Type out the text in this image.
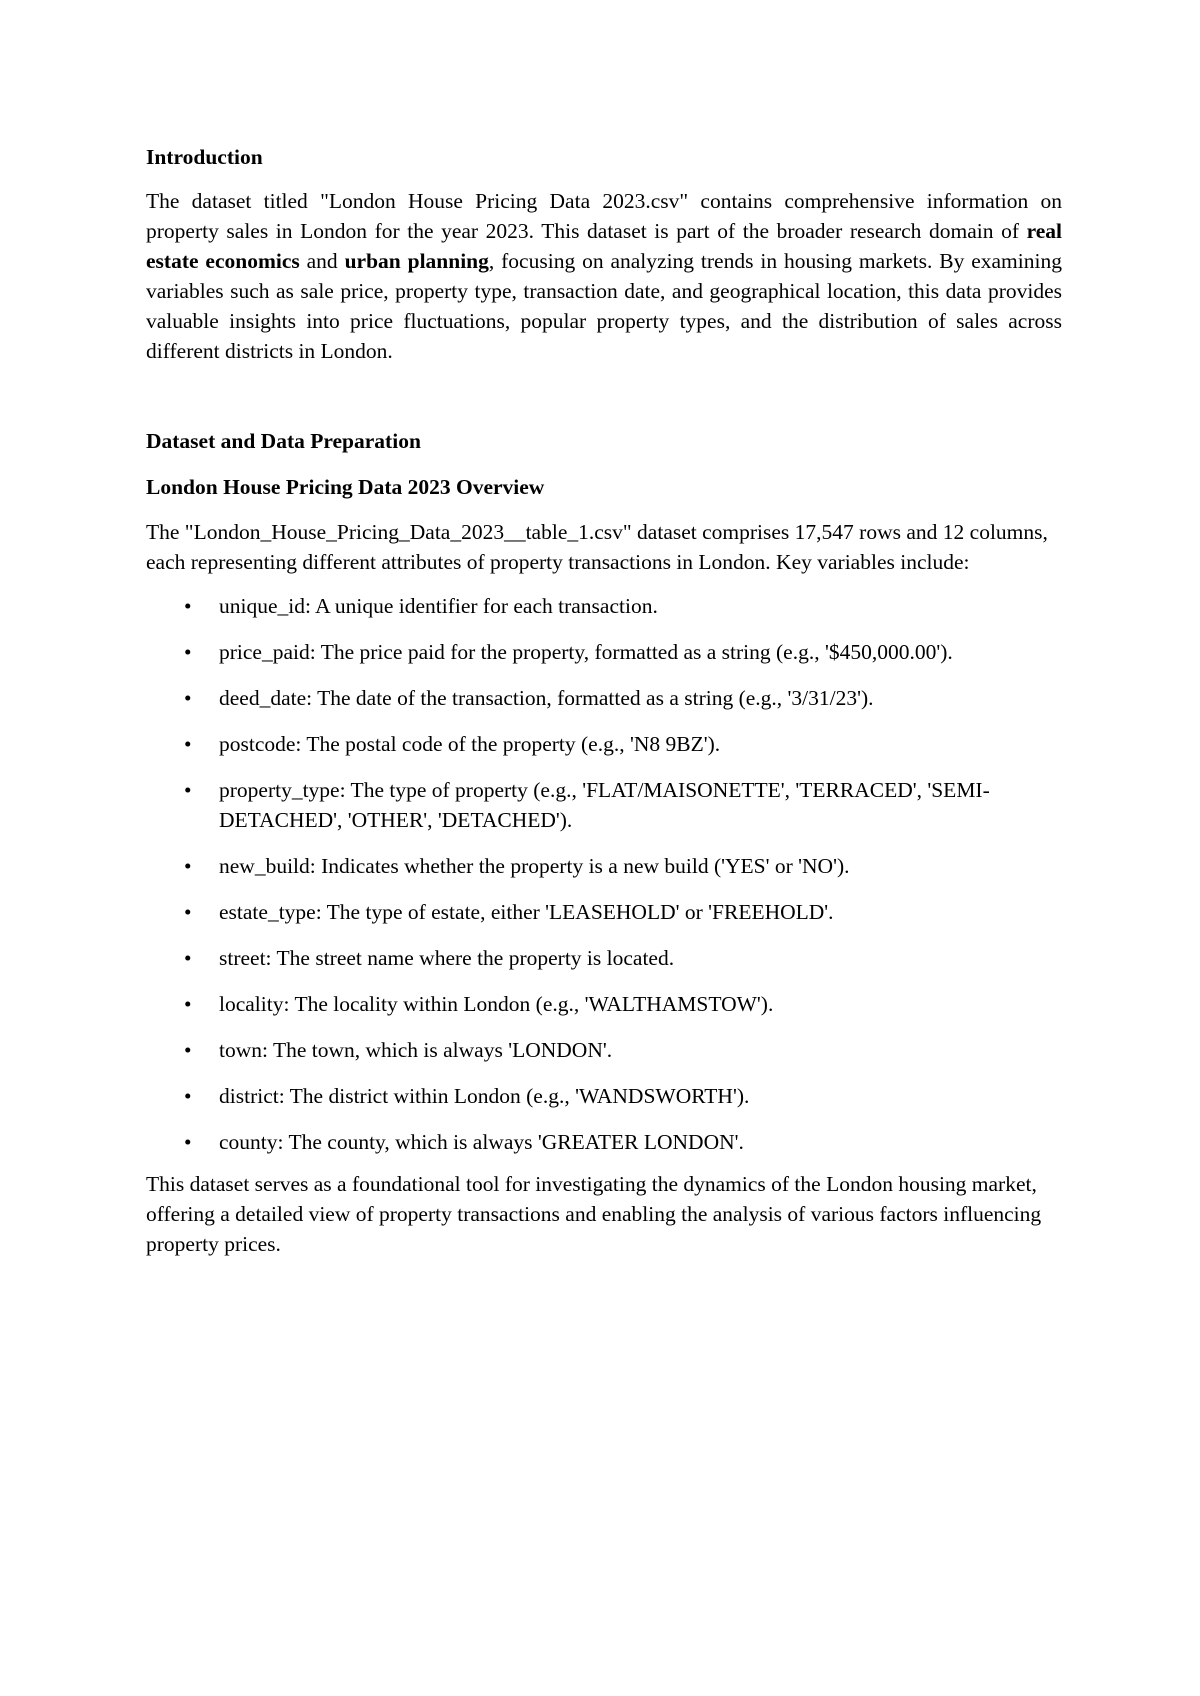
Introduction

The dataset titled "London House Pricing Data 2023.csv" contains comprehensive information on property sales in London for the year 2023. This dataset is part of the broader research domain of real estate economics and urban planning, focusing on analyzing trends in housing markets. By examining variables such as sale price, property type, transaction date, and geographical location, this data provides valuable insights into price fluctuations, popular property types, and the distribution of sales across different districts in London.

Dataset and Data Preparation
London House Pricing Data 2023 Overview

The "London_House_Pricing_Data_2023__table_1.csv" dataset comprises 17,547 rows and 12 columns, each representing different attributes of property transactions in London. Key variables include:

• unique_id: A unique identifier for each transaction.
• price_paid: The price paid for the property, formatted as a string (e.g., '$450,000.00').
• deed_date: The date of the transaction, formatted as a string (e.g., '3/31/23').
• postcode: The postal code of the property (e.g., 'N8 9BZ').
• property_type: The type of property (e.g., 'FLAT/MAISONETTE', 'TERRACED', 'SEMI-DETACHED', 'OTHER', 'DETACHED').
• new_build: Indicates whether the property is a new build ('YES' or 'NO').
• estate_type: The type of estate, either 'LEASEHOLD' or 'FREEHOLD'.
• street: The street name where the property is located.
• locality: The locality within London (e.g., 'WALTHAMSTOW').
• town: The town, which is always 'LONDON'.
• district: The district within London (e.g., 'WANDSWORTH').
• county: The county, which is always 'GREATER LONDON'.

This dataset serves as a foundational tool for investigating the dynamics of the London housing market, offering a detailed view of property transactions and enabling the analysis of various factors influencing property prices.
